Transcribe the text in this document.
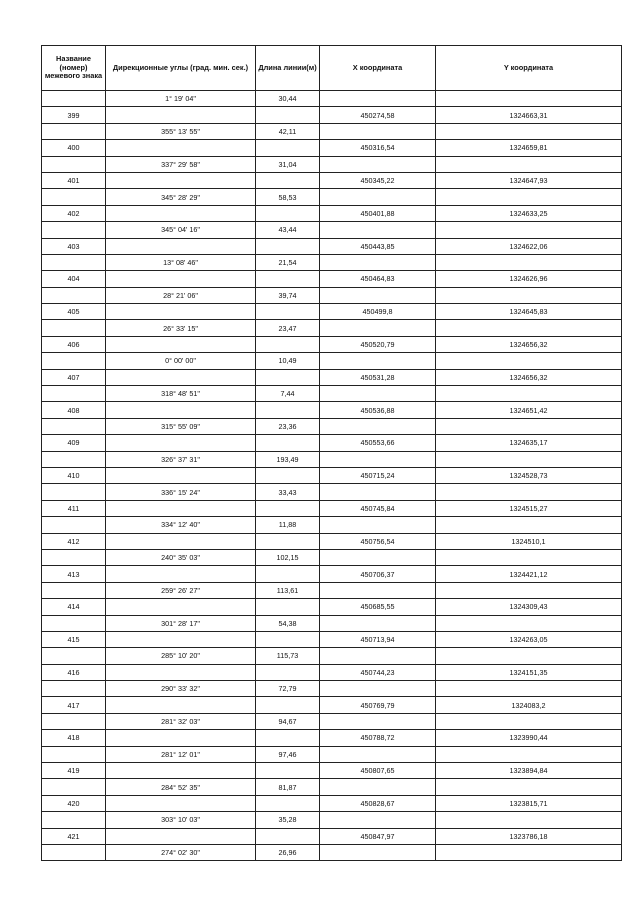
Название (номер) межевого знака	Дирекционные углы (град. мин. сек.)	Длина линии(м)	X координата	Y координата
	1° 19' 04"	30,44		
399			450274,58	1324663,31
	355° 13' 55"	42,11		
400			450316,54	1324659,81
	337° 29' 58"	31,04		
401			450345,22	1324647,93
	345° 28' 29"	58,53		
402			450401,88	1324633,25
	345° 04' 16"	43,44		
403			450443,85	1324622,06
	13° 08' 46"	21,54		
404			450464,83	1324626,96
	28° 21' 06"	39,74		
405			450499,8	1324645,83
	26° 33' 15"	23,47		
406			450520,79	1324656,32
	0° 00' 00"	10,49		
407			450531,28	1324656,32
	318° 48' 51"	7,44		
408			450536,88	1324651,42
	315° 55' 09"	23,36		
409			450553,66	1324635,17
	326° 37' 31"	193,49		
410			450715,24	1324528,73
	336° 15' 24"	33,43		
411			450745,84	1324515,27
	334° 12' 40"	11,88		
412			450756,54	1324510,1
	240° 35' 03"	102,15		
413			450706,37	1324421,12
	259° 26' 27"	113,61		
414			450685,55	1324309,43
	301° 28' 17"	54,38		
415			450713,94	1324263,05
	285° 10' 20"	115,73		
416			450744,23	1324151,35
	290° 33' 32"	72,79		
417			450769,79	1324083,2
	281° 32' 03"	94,67		
418			450788,72	1323990,44
	281° 12' 01"	97,46		
419			450807,65	1323894,84
	284° 52' 35"	81,87		
420			450828,67	1323815,71
	303° 10' 03"	35,28		
421			450847,97	1323786,18
	274° 02' 30"	26,96		
